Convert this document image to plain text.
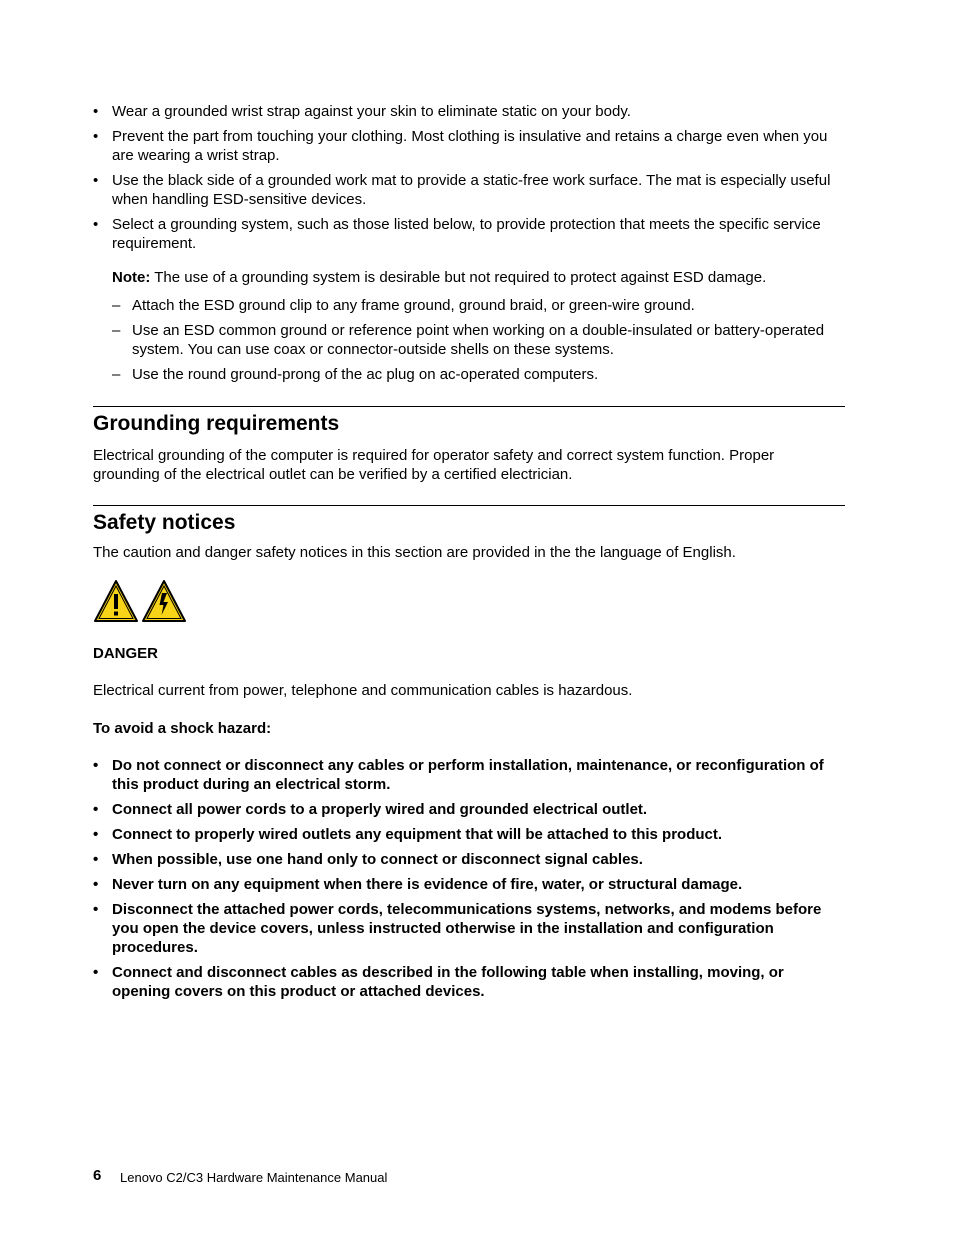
• Wear a grounded wrist strap against your skin to eliminate static on your body.
• Prevent the part from touching your clothing. Most clothing is insulative and retains a charge even when you are wearing a wrist strap.
• Use the black side of a grounded work mat to provide a static-free work surface. The mat is especially useful when handling ESD-sensitive devices.
• Select a grounding system, such as those listed below, to provide protection that meets the specific service requirement.
Note: The use of a grounding system is desirable but not required to protect against ESD damage.
– Attach the ESD ground clip to any frame ground, ground braid, or green-wire ground.
– Use an ESD common ground or reference point when working on a double-insulated or battery-operated system. You can use coax or connector-outside shells on these systems.
– Use the round ground-prong of the ac plug on ac-operated computers.
Grounding requirements
Electrical grounding of the computer is required for operator safety and correct system function. Proper grounding of the electrical outlet can be verified by a certified electrician.
Safety notices
The caution and danger safety notices in this section are provided in the the language of English.
DANGER
Electrical current from power, telephone and communication cables is hazardous.
To avoid a shock hazard:
• Do not connect or disconnect any cables or perform installation, maintenance, or reconfiguration of this product during an electrical storm.
• Connect all power cords to a properly wired and grounded electrical outlet.
• Connect to properly wired outlets any equipment that will be attached to this product.
• When possible, use one hand only to connect or disconnect signal cables.
• Never turn on any equipment when there is evidence of fire, water, or structural damage.
• Disconnect the attached power cords, telecommunications systems, networks, and modems before you open the device covers, unless instructed otherwise in the installation and configuration procedures.
• Connect and disconnect cables as described in the following table when installing, moving, or opening covers on this product or attached devices.
6 Lenovo C2/C3 Hardware Maintenance Manual
